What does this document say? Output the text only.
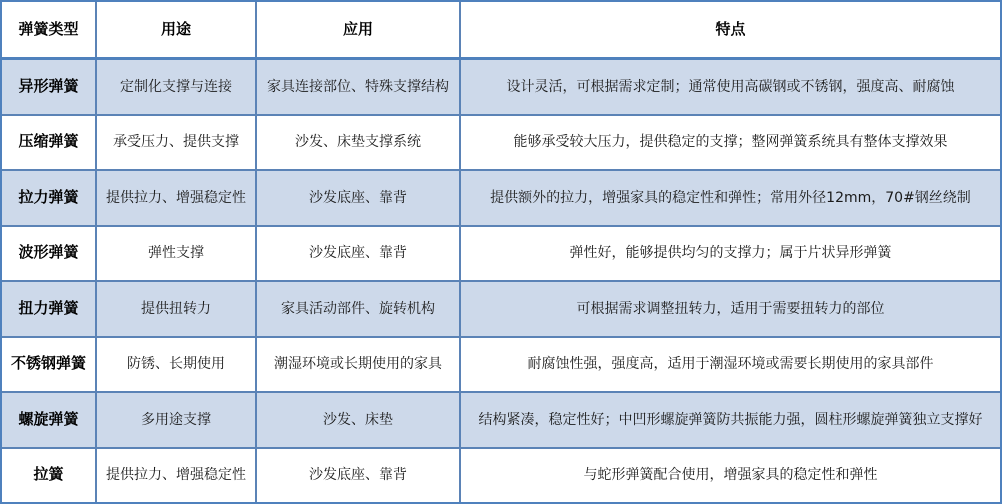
弹簧类型	用途	应用	特点
异形弹簧	定制化支撑与连接	家具连接部位、特殊支撑结构	设计灵活，可根据需求定制；通常使用高碳钢或不锈钢，强度高、耐腐蚀
压缩弹簧	承受压力、提供支撑	沙发、床垫支撑系统	能够承受较大压力，提供稳定的支撑；整网弹簧系统具有整体支撑效果
拉力弹簧	提供拉力、增强稳定性	沙发底座、靠背	提供额外的拉力，增强家具的稳定性和弹性；常用外径12mm，70#钢丝绕制
波形弹簧	弹性支撑	沙发底座、靠背	弹性好，能够提供均匀的支撑力；属于片状异形弹簧
扭力弹簧	提供扭转力	家具活动部件、旋转机构	可根据需求调整扭转力，适用于需要扭转力的部位
不锈钢弹簧	防锈、长期使用	潮湿环境或长期使用的家具	耐腐蚀性强，强度高，适用于潮湿环境或需要长期使用的家具部件
螺旋弹簧	多用途支撑	沙发、床垫	结构紧凑，稳定性好；中凹形螺旋弹簧防共振能力强，圆柱形螺旋弹簧独立支撑好
拉簧	提供拉力、增强稳定性	沙发底座、靠背	与蛇形弹簧配合使用，增强家具的稳定性和弹性
